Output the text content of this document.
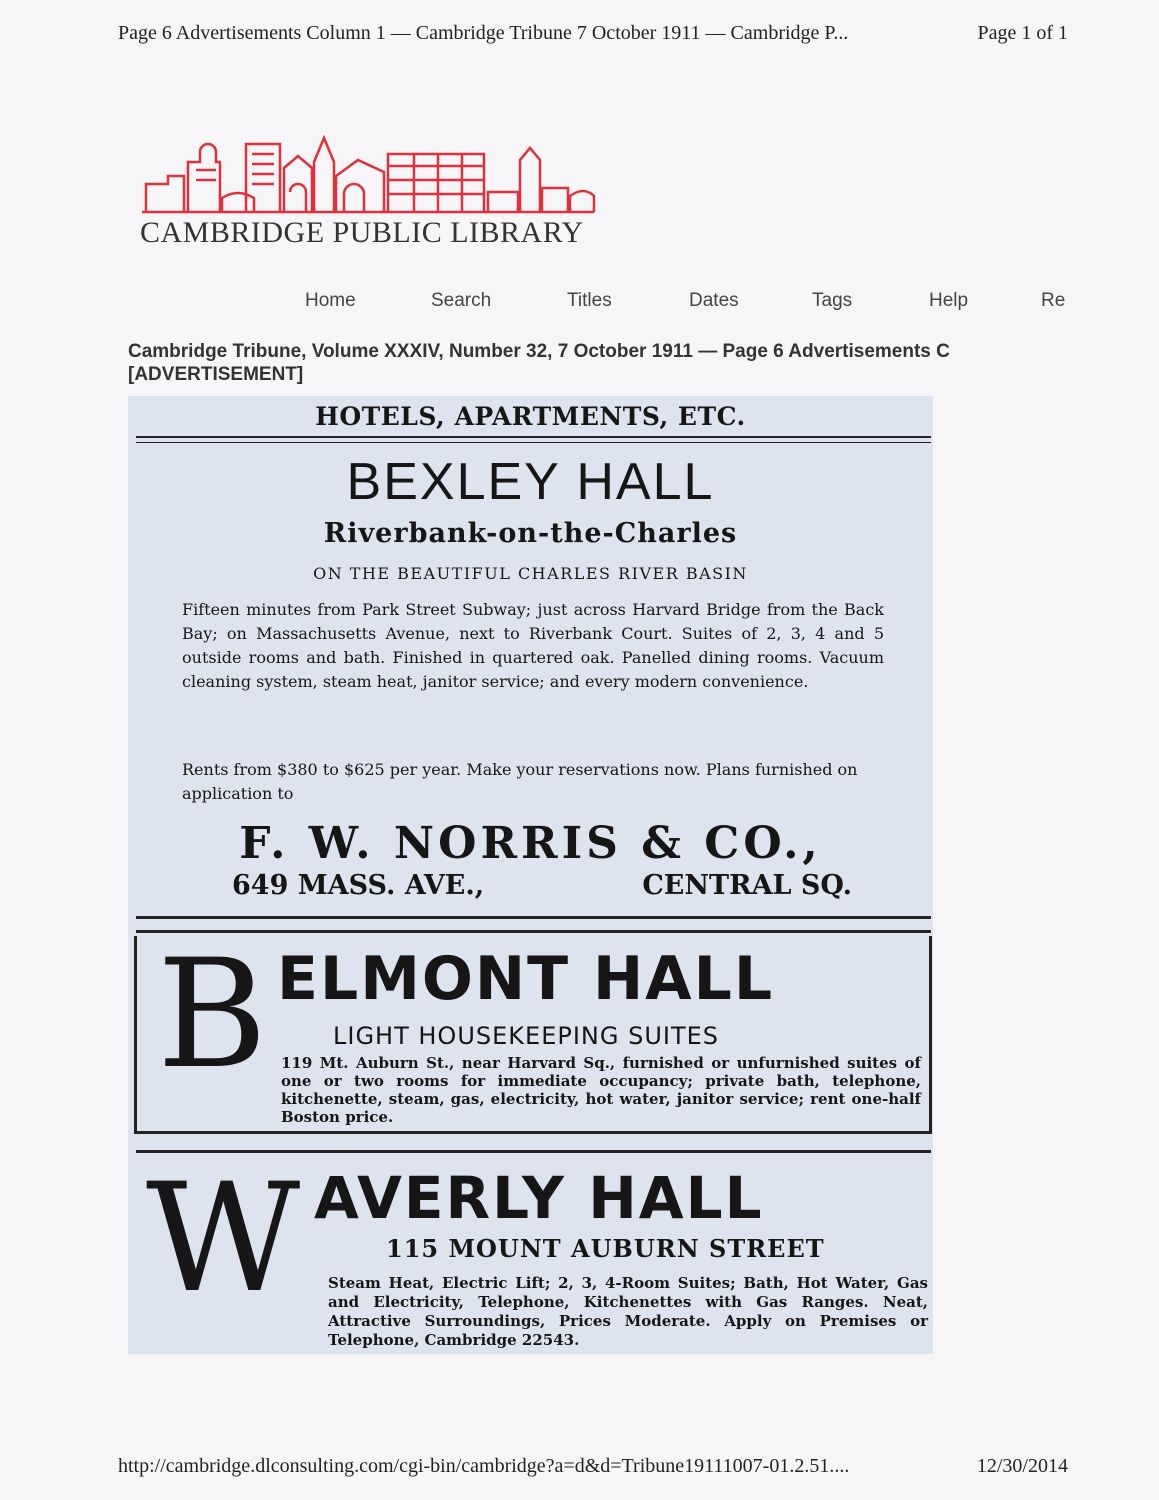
Page 6 Advertisements Column 1 — Cambridge Tribune 7 October 1911 — Cambridge P...	Page 1 of 1
CAMBRIDGE PUBLIC LIBRARY
Home	Search	Titles	Dates	Tags	Help	Re
Cambridge Tribune, Volume XXXIV, Number 32, 7 October 1911 — Page 6 Advertisements C
[ADVERTISEMENT]
HOTELS, APARTMENTS, ETC.
BEXLEY HALL
Riverbank-on-the-Charles
ON THE BEAUTIFUL CHARLES RIVER BASIN
Fifteen minutes from Park Street Subway; just across Harvard Bridge from the Back Bay; on Massachusetts Avenue, next to Riverbank Court. Suites of 2, 3, 4 and 5 outside rooms and bath. Finished in quartered oak. Panelled dining rooms. Vacuum cleaning system, steam heat, janitor service; and every modern convenience.
Rents from $380 to $625 per year. Make your reservations now. Plans furnished on application to
F. W. NORRIS & CO.,
649 MASS. AVE.,	CENTRAL SQ.
B ELMONT HALL
LIGHT HOUSEKEEPING SUITES
119 Mt. Auburn St., near Harvard Sq., furnished or unfurnished suites of one or two rooms for immediate occupancy; private bath, telephone, kitchenette, steam, gas, electricity, hot water, janitor service; rent one-half Boston price.
W AVERLY HALL
115 MOUNT AUBURN STREET
Steam Heat, Electric Lift; 2, 3, 4-Room Suites; Bath, Hot Water, Gas and Electricity, Telephone, Kitchenettes with Gas Ranges. Neat, Attractive Surroundings, Prices Moderate. Apply on Premises or Telephone, Cambridge 22543.
http://cambridge.dlconsulting.com/cgi-bin/cambridge?a=d&d=Tribune19111007-01.2.51....	12/30/2014
